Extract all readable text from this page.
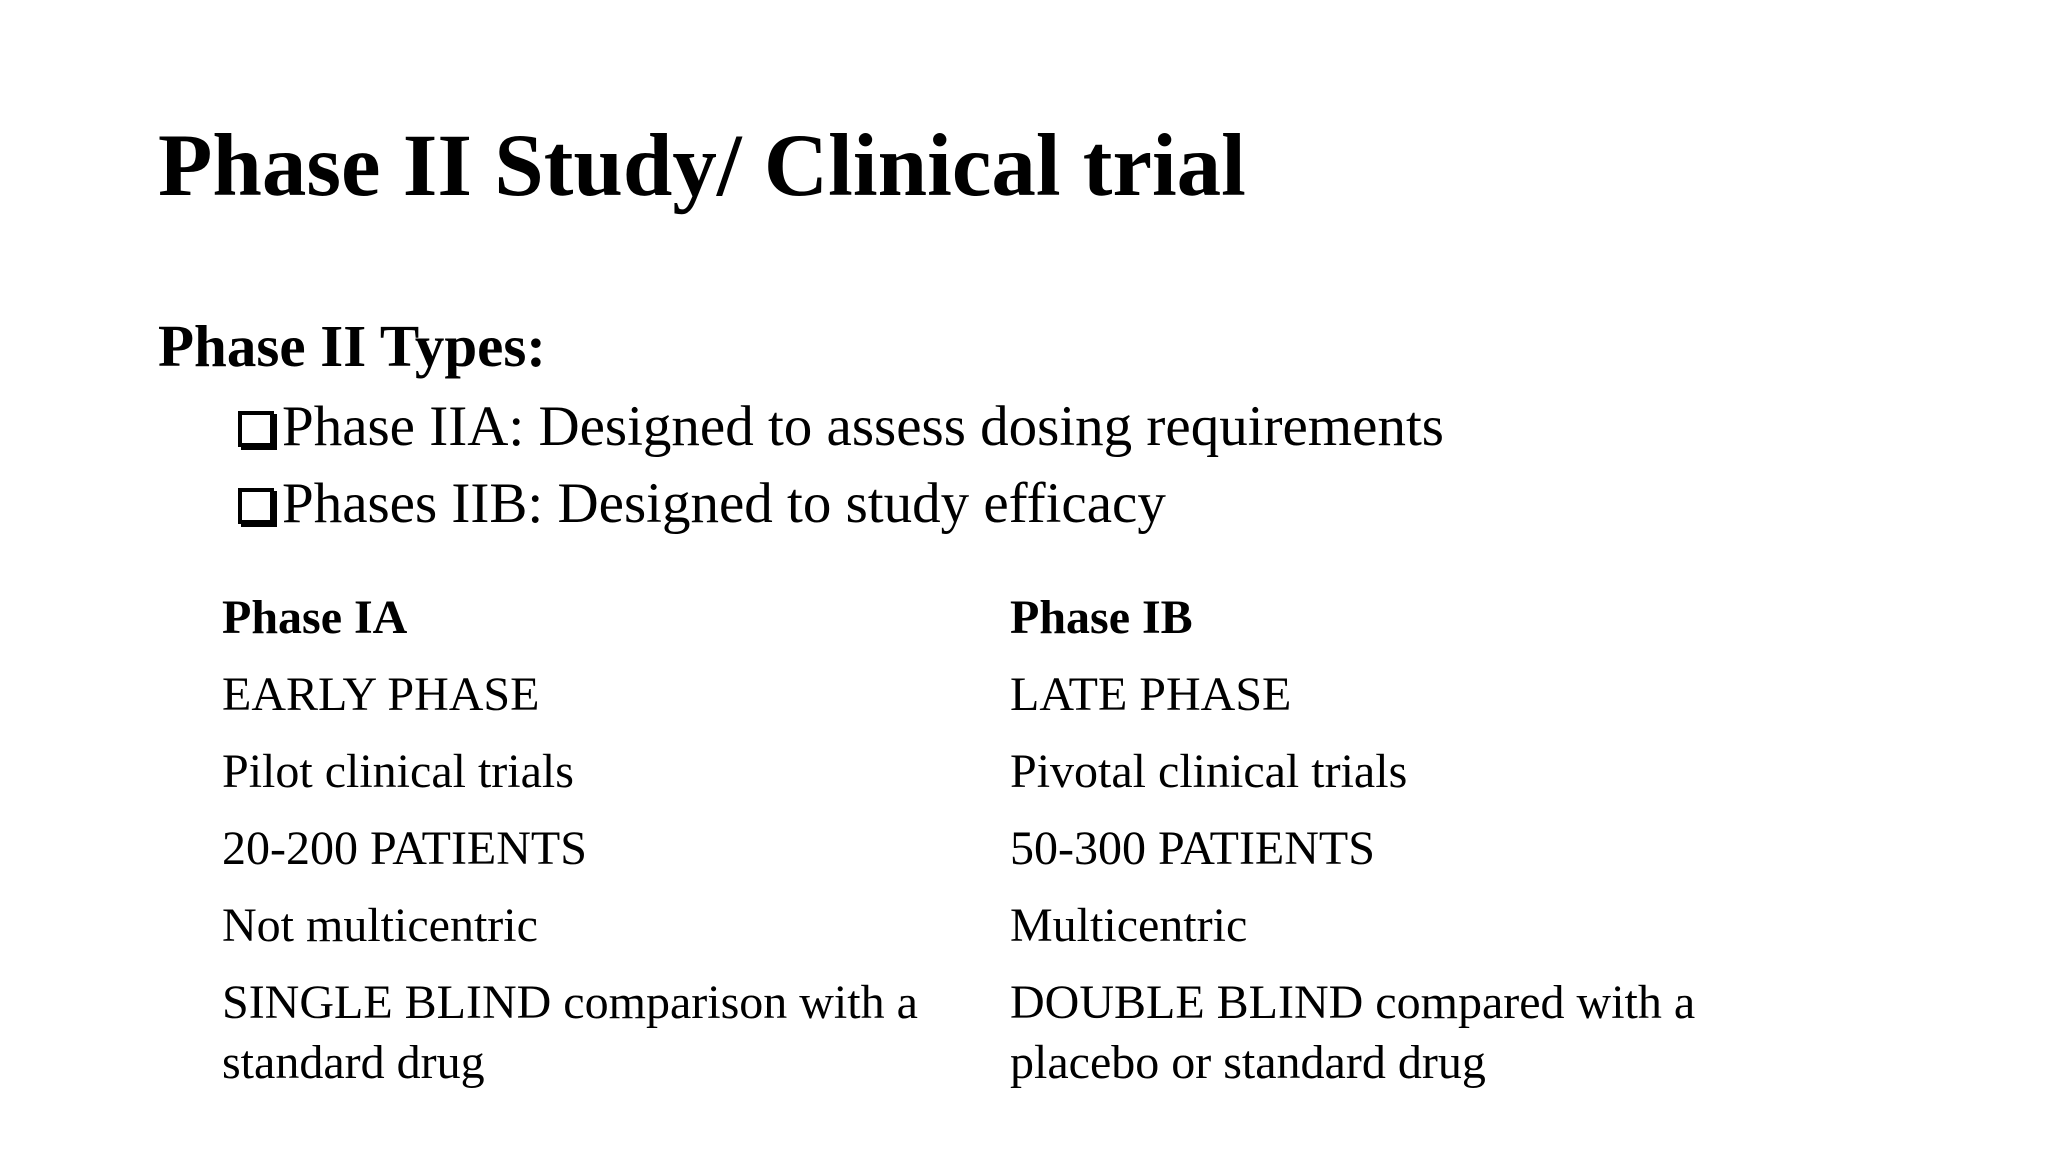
Phase II Study/ Clinical trial
Phase II Types:
Phase IIA: Designed to assess dosing requirements
Phases IIB: Designed to study efficacy
Phase IA	Phase IB
EARLY PHASE	LATE PHASE
Pilot clinical trials	Pivotal clinical trials
20-200 PATIENTS	50-300 PATIENTS
Not multicentric	Multicentric
SINGLE BLIND comparison with a standard drug	DOUBLE BLIND compared with a placebo or standard drug
